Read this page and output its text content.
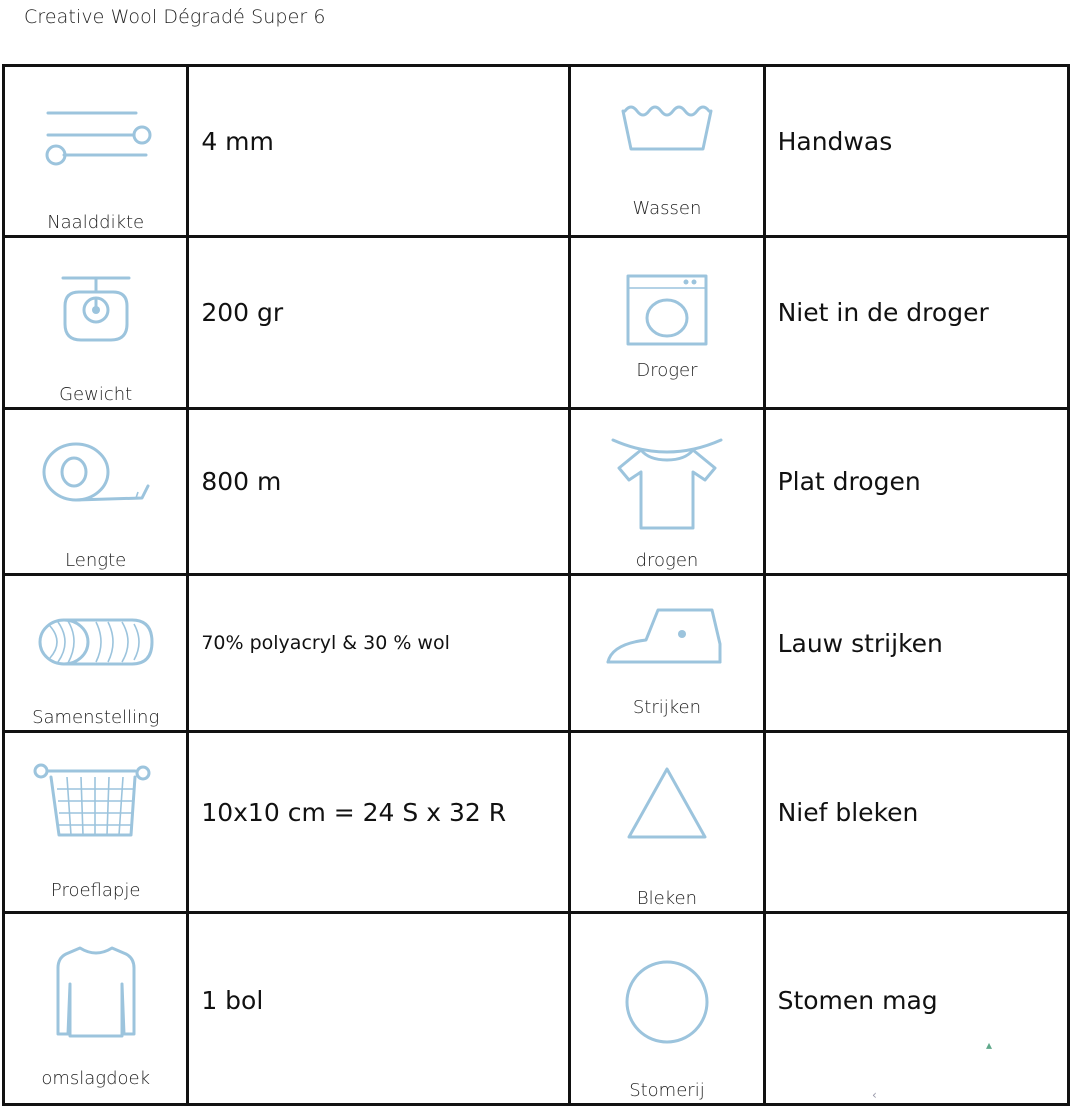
Creative Wool Dégradé Super 6
Naalddikte	4 mm	Wassen	Handwas

Gewicht	200 gr	Droger	Niet in de droger

Lengte	800 m	drogen	Plat drogen

Samenstelling	70% polyacryl & 30 % wol	Strijken	Lauw strijken

Proeflapje	10x10 cm = 24 S x 32 R	Bleken	Nief bleken

omslagdoek	1 bol	Stomerij	Stomen mag
▴
‹
